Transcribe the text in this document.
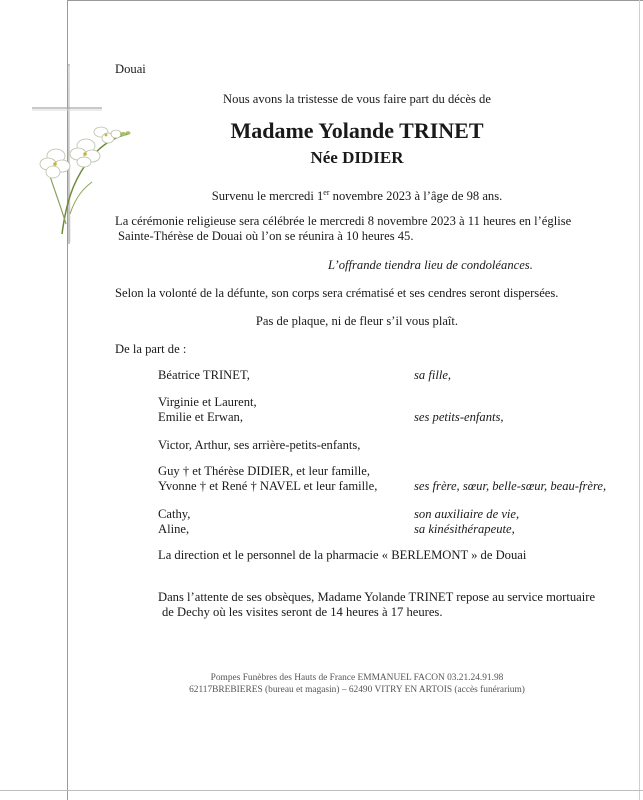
Douai
Nous avons la tristesse de vous faire part du décès de
Madame Yolande TRINET
Née DIDIER
Survenu le mercredi 1er novembre 2023 à l’âge de 98 ans.
La cérémonie religieuse sera célébrée le mercredi 8 novembre 2023 à 11 heures en l’église
Sainte-Thérèse de Douai où l’on se réunira à 10 heures 45.
L’offrande tiendra lieu de condoléances.
Selon la volonté de la défunte, son corps sera crématisé et ses cendres seront dispersées.
Pas de plaque, ni de fleur s’il vous plaît.
De la part de :
Béatrice TRINET,	sa fille,
Virginie et Laurent,
Emilie et Erwan,	ses petits-enfants,
Victor, Arthur, ses arrière-petits-enfants,
Guy † et Thérèse DIDIER, et leur famille,
Yvonne † et René † NAVEL et leur famille,	ses frère, sœur, belle-sœur, beau-frère,
Cathy,	son auxiliaire de vie,
Aline,	sa kinésithérapeute,
La direction et le personnel de la pharmacie « BERLEMONT » de Douai
Dans l’attente de ses obsèques, Madame Yolande TRINET repose au service mortuaire
de Dechy où les visites seront de 14 heures à 17 heures.
Pompes Funèbres des Hauts de France EMMANUEL FACON 03.21.24.91.98
62117BREBIERES (bureau et magasin) – 62490 VITRY EN ARTOIS (accès funérarium)
